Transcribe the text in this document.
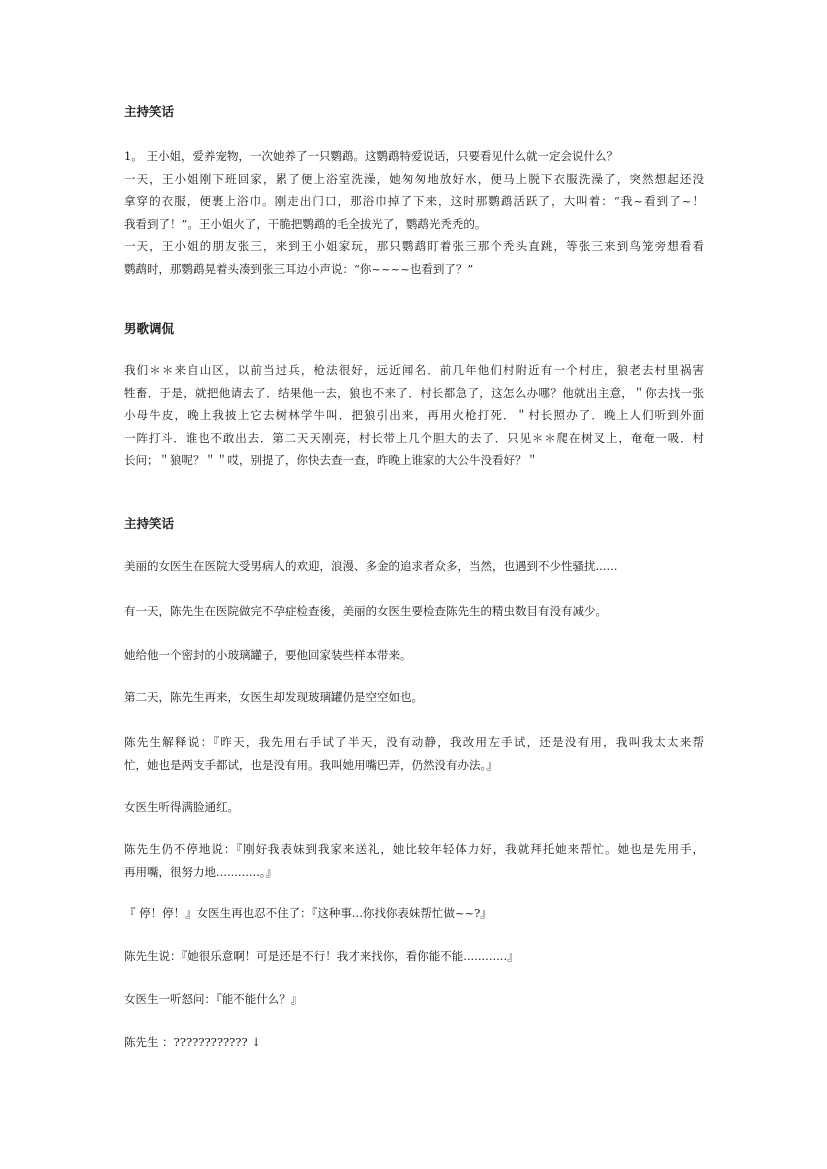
主持笑话
1。 王小姐，爱养宠物，一次她养了一只鹦鹉。这鹦鹉特爱说话，只要看见什么就一定会说什么？
一天，王小姐刚下班回家，累了便上浴室洗澡，她匆匆地放好水，便马上脱下衣服洗澡了，突然想起还没
拿穿的衣服，便裹上浴巾。刚走出门口，那浴巾掉了下来，这时那鹦鹉活跃了，大叫着：“我~看到了~！
我看到了！”。王小姐火了，干脆把鹦鹉的毛全拔光了，鹦鹉光秃秃的。
一天，王小姐的朋友张三，来到王小姐家玩，那只鹦鹉盯着张三那个秃头直跳，等张三来到鸟笼旁想看看
鹦鹉时，那鹦鹉晃着头凑到张三耳边小声说：“你~~~~也看到了？”
男歌调侃
我们＊＊来自山区，以前当过兵，枪法很好，远近闻名．前几年他们村附近有一个村庄，狼老去村里祸害
牲畜．于是，就把他请去了．结果他一去，狼也不来了．村长都急了，这怎么办哪？他就出主意，＂你去找一张
小母牛皮，晚上我披上它去树林学牛叫．把狼引出来，再用火枪打死．＂村长照办了．晚上人们听到外面
一阵打斗．谁也不敢出去．第二天天刚亮，村长带上几个胆大的去了．只见＊＊爬在树叉上，奄奄一吸．村
长问；＂狼呢？＂＂哎，别提了，你快去查一查，昨晚上谁家的大公牛没看好？＂
主持笑话
美丽的女医生在医院大受男病人的欢迎，浪漫、多金的追求者众多，当然，也遇到不少性骚扰......
有一天，陈先生在医院做完不孕症检查後，美丽的女医生要检查陈先生的精虫数目有没有减少。
她给他一个密封的小玻璃罐子，要他回家装些样本带来。
第二天，陈先生再来，女医生却发现玻璃罐仍是空空如也。
陈先生解释说：『昨天，我先用右手试了半天，没有动静，我改用左手试，还是没有用，我叫我太太来帮
忙，她也是两支手都试，也是没有用。我叫她用嘴巴弄，仍然没有办法。』
女医生听得满脸通红。
陈先生仍不停地说：『刚好我表妹到我家来送礼，她比较年轻体力好，我就拜托她来帮忙。她也是先用手，
再用嘴，很努力地............。』
『 停！停！』女医生再也忍不住了：『这种事...你找你表妹帮忙做~~?』
陈先生说：『她很乐意啊！可是还是不行！我才来找你，看你能不能............』
女医生一听怒问：『能不能什么？』
陈先生 ：???????????? ↓
